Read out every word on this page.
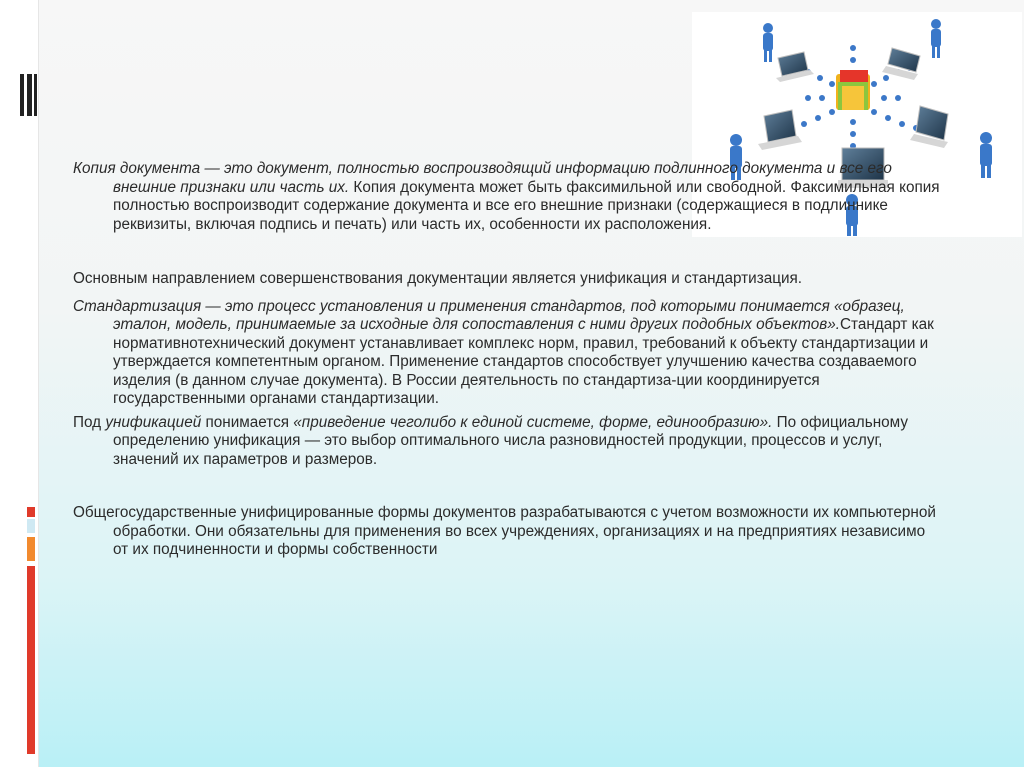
Копия документа — это документ, полностью воспроизводящий информацию подлинного документа и все его внешние признаки или часть их. Копия документа может быть факсимильной или свободной. Факсимильная копия полностью воспроизводит содержание документа и все его внешние признаки (содержащиеся в подлиннике реквизиты, включая подпись и печать) или часть их, особенности их расположения.

Основным направлением совершенствования документации является унификация и стандартизация.

Стандартизация — это процесс установления и применения стандартов, под которыми понимается «образец, эталон, модель, принимаемые за исходные для сопоставления с ними других подобных объектов».Стандарт как нормативнотехнический документ устанавливает комплекс норм, правил, требований к объекту стандартизации и утверждается компетентным органом. Применение стандартов способствует улучшению качества создаваемого изделия (в данном случае документа). В России деятельность по стандартиза-ции координируется государственными органами стандартизации.

Под унификацией понимается «приведение чеголибо к единой системе, форме, единообразию». По официальному определению унификация — это выбор оптимального числа разновидностей продукции, процессов и услуг, значений их параметров и размеров.

Общегосударственные унифицированные формы документов разрабатываются с учетом возможности их компьютерной обработки. Они обязательны для применения во всех учреждениях, организациях и на предприятиях независимо от их подчиненности и формы собственности
